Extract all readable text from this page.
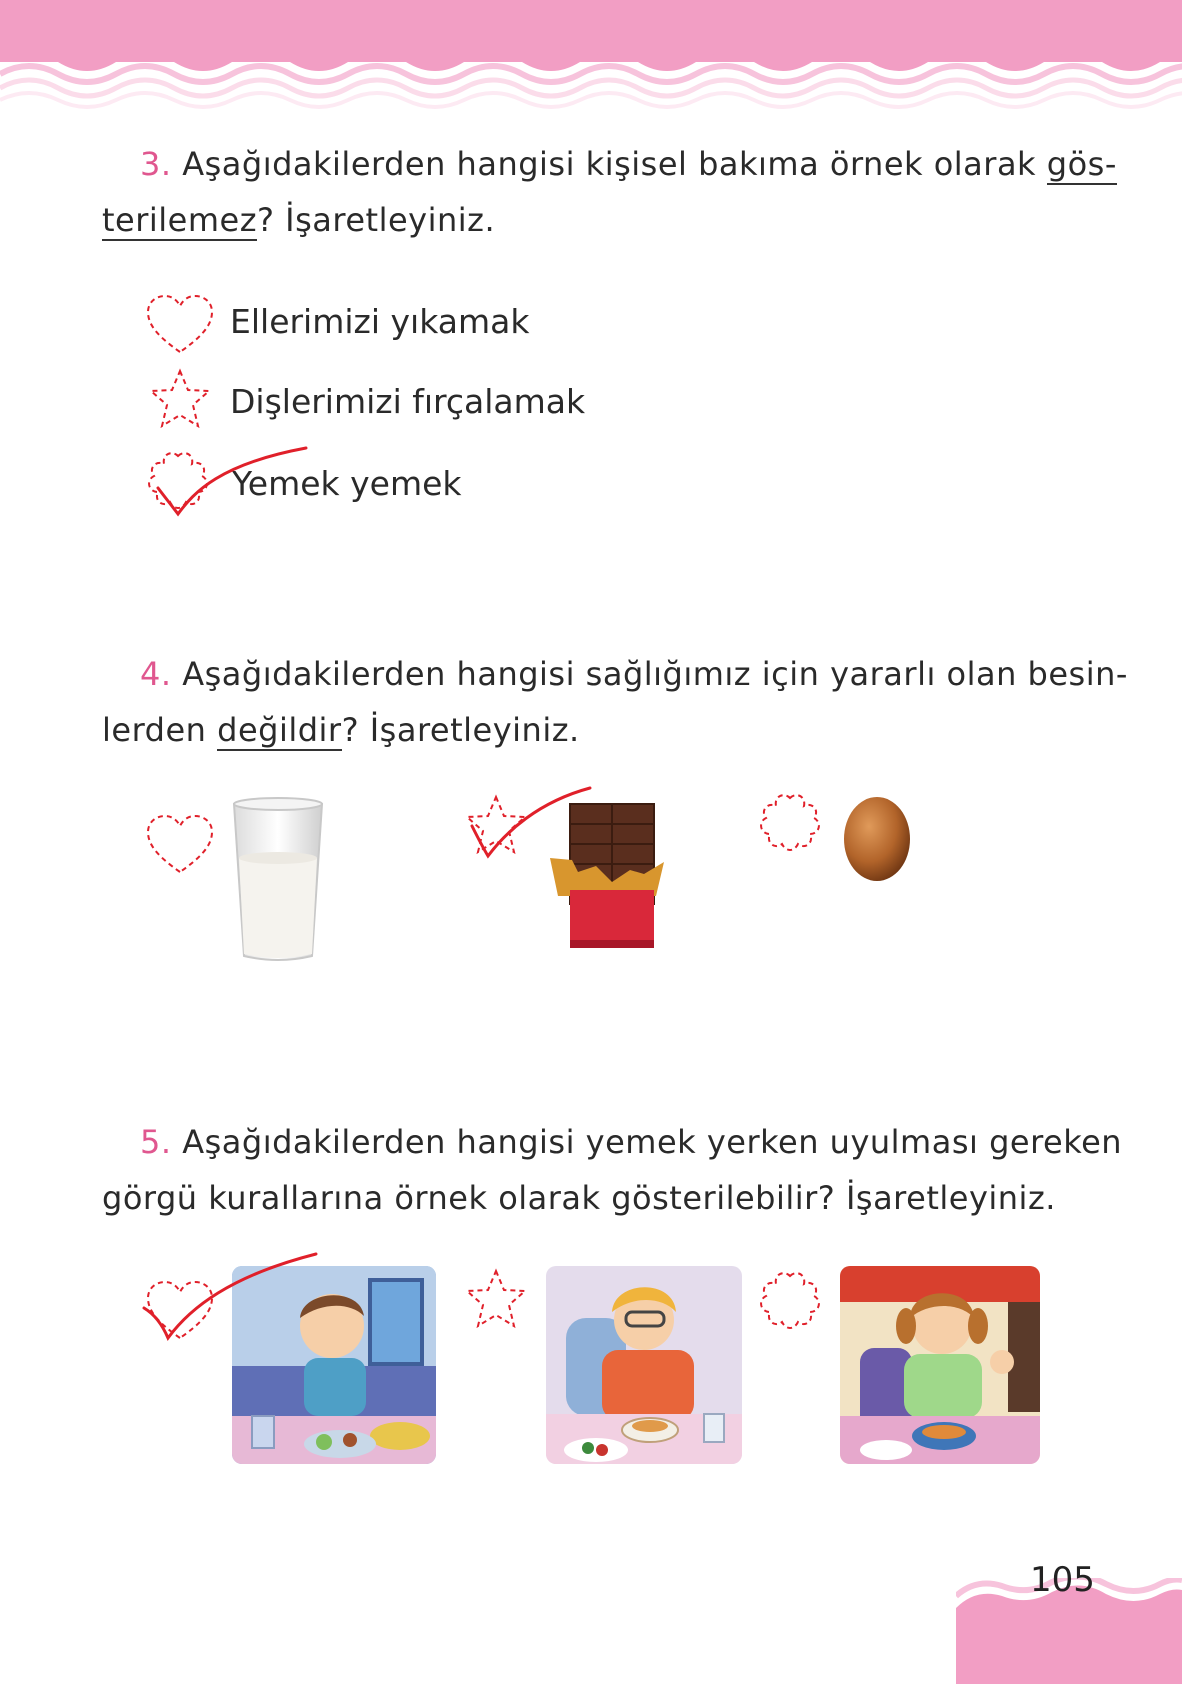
3. Aşağıdakilerden hangisi kişisel bakıma örnek olarak gös-
terilemez? İşaretleyiniz.
Ellerimizi yıkamak
Dişlerimizi fırçalamak
Yemek yemek
4. Aşağıdakilerden hangisi sağlığımız için yararlı olan besin-
lerden değildir? İşaretleyiniz.
5. Aşağıdakilerden hangisi yemek yerken uyulması gereken
görgü kurallarına örnek olarak gösterilebilir? İşaretleyiniz.
105
